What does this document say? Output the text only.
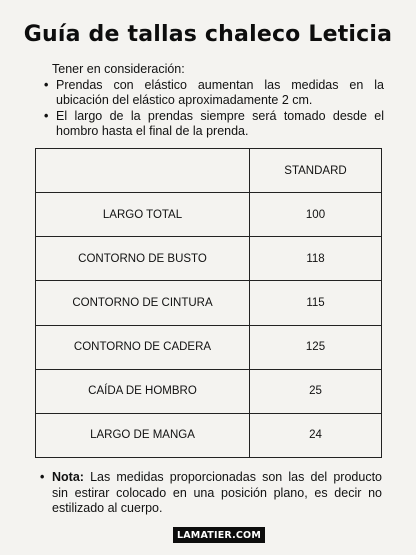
Guía de tallas chaleco Leticia

Tener en consideración:

• Prendas con elástico aumentan las medidas en la ubicación del elástico aproximadamente 2 cm.
• El largo de la prendas siempre será tomado desde el hombro hasta el final de la prenda.
	STANDARD
LARGO TOTAL	100
CONTORNO DE BUSTO	118
CONTORNO DE CINTURA	115
CONTORNO DE CADERA	125
CAÍDA DE HOMBRO	25
LARGO DE MANGA	24
• Nota: Las medidas proporcionadas son las del producto sin estirar colocado en una posición plano, es decir no estilizado al cuerpo.
LAMATIER.COM
